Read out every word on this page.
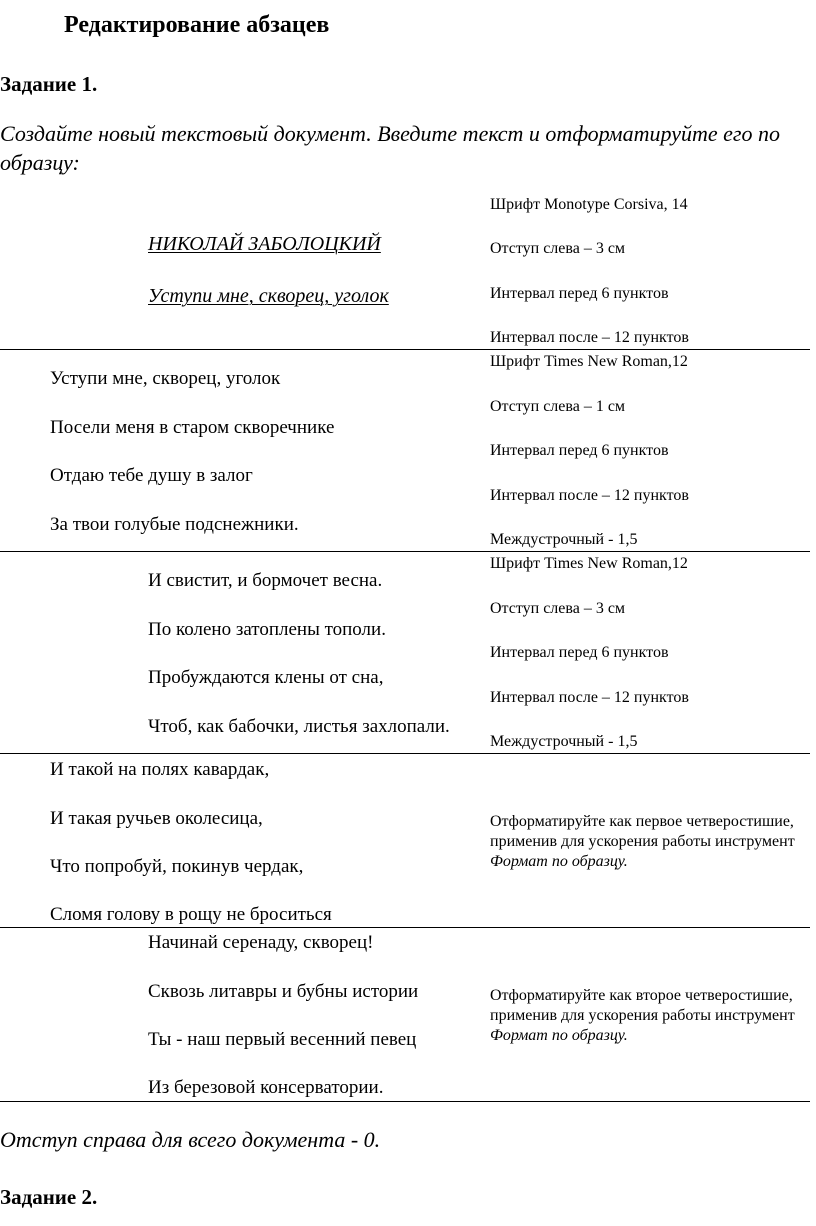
Редактирование абзацев
Задание 1.
Создайте новый текстовый документ. Введите текст и отформатируйте его по образцу:
НИКОЛАЙ ЗАБОЛОЦКИЙ
Уступи мне, скворец, уголок
Шрифт Monotype Corsiva, 14
Отступ слева – 3 см
Интервал перед 6 пунктов
Интервал после – 12 пунктов
Уступи мне, скворец, уголок
Посели меня в старом скворечнике
Отдаю тебе душу в залог
За твои голубые подснежники.
Шрифт Times New Roman,12
Отступ слева – 1 см
Интервал перед 6 пунктов
Интервал после – 12 пунктов
Междустрочный - 1,5
И свистит, и бормочет весна.
По колено затоплены тополи.
Пробуждаются клены от сна,
Чтоб, как бабочки, листья захлопали.
Шрифт Times New Roman,12
Отступ слева – 3 см
Интервал перед 6 пунктов
Интервал после – 12 пунктов
Междустрочный - 1,5
И такой на полях кавардак,
И такая ручьев околесица,
Что попробуй, покинув чердак,
Сломя голову в рощу не броситься
Отформатируйте как первое четверостишие, применив для ускорения работы инструмент Формат по образцу.
Начинай серенаду, скворец!
Сквозь литавры и бубны истории
Ты - наш первый весенний певец
Из березовой консерватории.
Отформатируйте как второе четверостишие, применив для ускорения работы инструмент Формат по образцу.
Отступ справа для всего документа - 0.
Задание 2.
